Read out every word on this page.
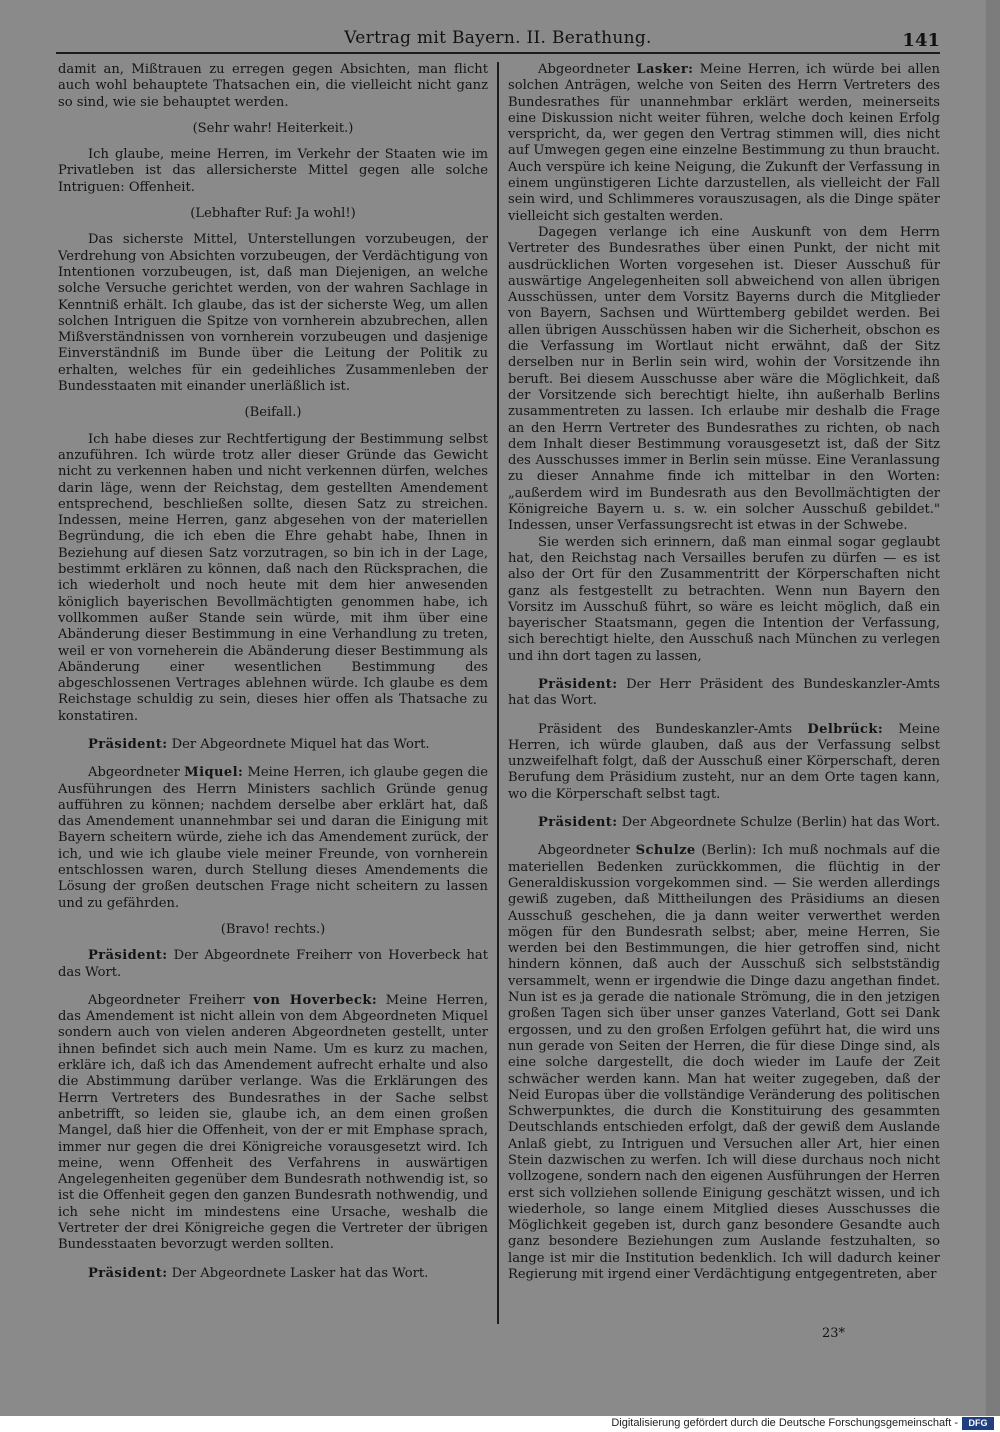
Vertrag mit Bayern. II. Berathung.	141

damit an, Mißtrauen zu erregen gegen Absichten, man flicht auch wohl behauptete Thatsachen ein, die vielleicht nicht ganz so sind, wie sie behauptet werden.

(Sehr wahr! Heiterkeit.)

Ich glaube, meine Herren, im Verkehr der Staaten wie im Privatleben ist das allersicherste Mittel gegen alle solche Intriguen: Offenheit.

(Lebhafter Ruf: Ja wohl!)

Das sicherste Mittel, Unterstellungen vorzubeugen, der Verdrehung von Absichten vorzubeugen, der Verdächtigung von Intentionen vorzubeugen, ist, daß man Diejenigen, an welche solche Versuche gerichtet werden, von der wahren Sachlage in Kenntniß erhält. Ich glaube, das ist der sicherste Weg, um allen solchen Intriguen die Spitze von vornherein abzubrechen, allen Mißverständnissen von vornherein vorzubeugen und dasjenige Einverständniß im Bunde über die Leitung der Politik zu erhalten, welches für ein gedeihliches Zusammenleben der Bundesstaaten mit einander unerläßlich ist.

(Beifall.)

Ich habe dieses zur Rechtfertigung der Bestimmung selbst anzuführen. Ich würde trotz aller dieser Gründe das Gewicht nicht zu verkennen haben und nicht verkennen dürfen, welches darin läge, wenn der Reichstag, dem gestellten Amendement entsprechend, beschließen sollte, diesen Satz zu streichen. Indessen, meine Herren, ganz abgesehen von der materiellen Begründung, die ich eben die Ehre gehabt habe, Ihnen in Beziehung auf diesen Satz vorzutragen, so bin ich in der Lage, bestimmt erklären zu können, daß nach den Rücksprachen, die ich wiederholt und noch heute mit dem hier anwesenden königlich bayerischen Bevollmächtigten genommen habe, ich vollkommen außer Stande sein würde, mit ihm über eine Abänderung dieser Bestimmung in eine Verhandlung zu treten, weil er von vorneherein die Abänderung dieser Bestimmung als Abänderung einer wesentlichen Bestimmung des abgeschlossenen Vertrages ablehnen würde. Ich glaube es dem Reichstage schuldig zu sein, dieses hier offen als Thatsache zu konstatiren.

Präsident: Der Abgeordnete Miquel hat das Wort.

Abgeordneter Miquel: Meine Herren, ich glaube gegen die Ausführungen des Herrn Ministers sachlich Gründe genug aufführen zu können; nachdem derselbe aber erklärt hat, daß das Amendement unannehmbar sei und daran die Einigung mit Bayern scheitern würde, ziehe ich das Amendement zurück, der ich, und wie ich glaube viele meiner Freunde, von vornherein entschlossen waren, durch Stellung dieses Amendements die Lösung der großen deutschen Frage nicht scheitern zu lassen und zu gefährden.

(Bravo! rechts.)

Präsident: Der Abgeordnete Freiherr von Hoverbeck hat das Wort.

Abgeordneter Freiherr von Hoverbeck: Meine Herren, das Amendement ist nicht allein von dem Abgeordneten Miquel sondern auch von vielen anderen Abgeordneten gestellt, unter ihnen befindet sich auch mein Name. Um es kurz zu machen, erkläre ich, daß ich das Amendement aufrecht erhalte und also die Abstimmung darüber verlange. Was die Erklärungen des Herrn Vertreters des Bundesrathes in der Sache selbst anbetrifft, so leiden sie, glaube ich, an dem einen großen Mangel, daß hier die Offenheit, von der er mit Emphase sprach, immer nur gegen die drei Königreiche vorausgesetzt wird. Ich meine, wenn Offenheit des Verfahrens in auswärtigen Angelegenheiten gegenüber dem Bundesrath nothwendig ist, so ist die Offenheit gegen den ganzen Bundesrath nothwendig, und ich sehe nicht im mindestens eine Ursache, weshalb die Vertreter der drei Königreiche gegen die Vertreter der übrigen Bundesstaaten bevorzugt werden sollten.

Präsident: Der Abgeordnete Lasker hat das Wort.

Abgeordneter Lasker: Meine Herren, ich würde bei allen solchen Anträgen, welche von Seiten des Herrn Vertreters des Bundesrathes für unannehmbar erklärt werden, meinerseits eine Diskussion nicht weiter führen, welche doch keinen Erfolg verspricht, da, wer gegen den Vertrag stimmen will, dies nicht auf Umwegen gegen eine einzelne Bestimmung zu thun braucht. Auch verspüre ich keine Neigung, die Zukunft der Verfassung in einem ungünstigeren Lichte darzustellen, als vielleicht der Fall sein wird, und Schlimmeres vorauszusagen, als die Dinge später vielleicht sich gestalten werden.

Dagegen verlange ich eine Auskunft von dem Herrn Vertreter des Bundesrathes über einen Punkt, der nicht mit ausdrücklichen Worten vorgesehen ist. Dieser Ausschuß für auswärtige Angelegenheiten soll abweichend von allen übrigen Ausschüssen, unter dem Vorsitz Bayerns durch die Mitglieder von Bayern, Sachsen und Württemberg gebildet werden. Bei allen übrigen Ausschüssen haben wir die Sicherheit, obschon es die Verfassung im Wortlaut nicht erwähnt, daß der Sitz derselben nur in Berlin sein wird, wohin der Vorsitzende ihn beruft. Bei diesem Ausschusse aber wäre die Möglichkeit, daß der Vorsitzende sich berechtigt hielte, ihn außerhalb Berlins zusammentreten zu lassen. Ich erlaube mir deshalb die Frage an den Herrn Vertreter des Bundesrathes zu richten, ob nach dem Inhalt dieser Bestimmung vorausgesetzt ist, daß der Sitz des Ausschusses immer in Berlin sein müsse. Eine Veranlassung zu dieser Annahme finde ich mittelbar in den Worten: „außerdem wird im Bundesrath aus den Bevollmächtigten der Königreiche Bayern u. s. w. ein solcher Ausschuß gebildet." Indessen, unser Verfassungsrecht ist etwas in der Schwebe.

Sie werden sich erinnern, daß man einmal sogar geglaubt hat, den Reichstag nach Versailles berufen zu dürfen — es ist also der Ort für den Zusammentritt der Körperschaften nicht ganz als festgestellt zu betrachten. Wenn nun Bayern den Vorsitz im Ausschuß führt, so wäre es leicht möglich, daß ein bayerischer Staatsmann, gegen die Intention der Verfassung, sich berechtigt hielte, den Ausschuß nach München zu verlegen und ihn dort tagen zu lassen,

Präsident: Der Herr Präsident des Bundeskanzler-Amts hat das Wort.

Präsident des Bundeskanzler-Amts Delbrück: Meine Herren, ich würde glauben, daß aus der Verfassung selbst unzweifelhaft folgt, daß der Ausschuß einer Körperschaft, deren Berufung dem Präsidium zusteht, nur an dem Orte tagen kann, wo die Körperschaft selbst tagt.

Präsident: Der Abgeordnete Schulze (Berlin) hat das Wort.

Abgeordneter Schulze (Berlin): Ich muß nochmals auf die materiellen Bedenken zurückkommen, die flüchtig in der Generaldiskussion vorgekommen sind. — Sie werden allerdings gewiß zugeben, daß Mittheilungen des Präsidiums an diesen Ausschuß geschehen, die ja dann weiter verwerthet werden mögen für den Bundesrath selbst; aber, meine Herren, Sie werden bei den Bestimmungen, die hier getroffen sind, nicht hindern können, daß auch der Ausschuß sich selbstständig versammelt, wenn er irgendwie die Dinge dazu angethan findet. Nun ist es ja gerade die nationale Strömung, die in den jetzigen großen Tagen sich über unser ganzes Vaterland, Gott sei Dank ergossen, und zu den großen Erfolgen geführt hat, die wird uns nun gerade von Seiten der Herren, die für diese Dinge sind, als eine solche dargestellt, die doch wieder im Laufe der Zeit schwächer werden kann. Man hat weiter zugegeben, daß der Neid Europas über die vollständige Veränderung des politischen Schwerpunktes, die durch die Konstituirung des gesammten Deutschlands entschieden erfolgt, daß der gewiß dem Auslande Anlaß giebt, zu Intriguen und Versuchen aller Art, hier einen Stein dazwischen zu werfen. Ich will diese durchaus noch nicht vollzogene, sondern nach den eigenen Ausführungen der Herren erst sich vollziehen sollende Einigung geschätzt wissen, und ich wiederhole, so lange einem Mitglied dieses Ausschusses die Möglichkeit gegeben ist, durch ganz besondere Gesandte auch ganz besondere Beziehungen zum Auslande festzuhalten, so lange ist mir die Institution bedenklich. Ich will dadurch keiner Regierung mit irgend einer Verdächtigung entgegentreten, aber

23*
Digitalisierung gefördert durch die Deutsche Forschungsgemeinschaft -	DFG
